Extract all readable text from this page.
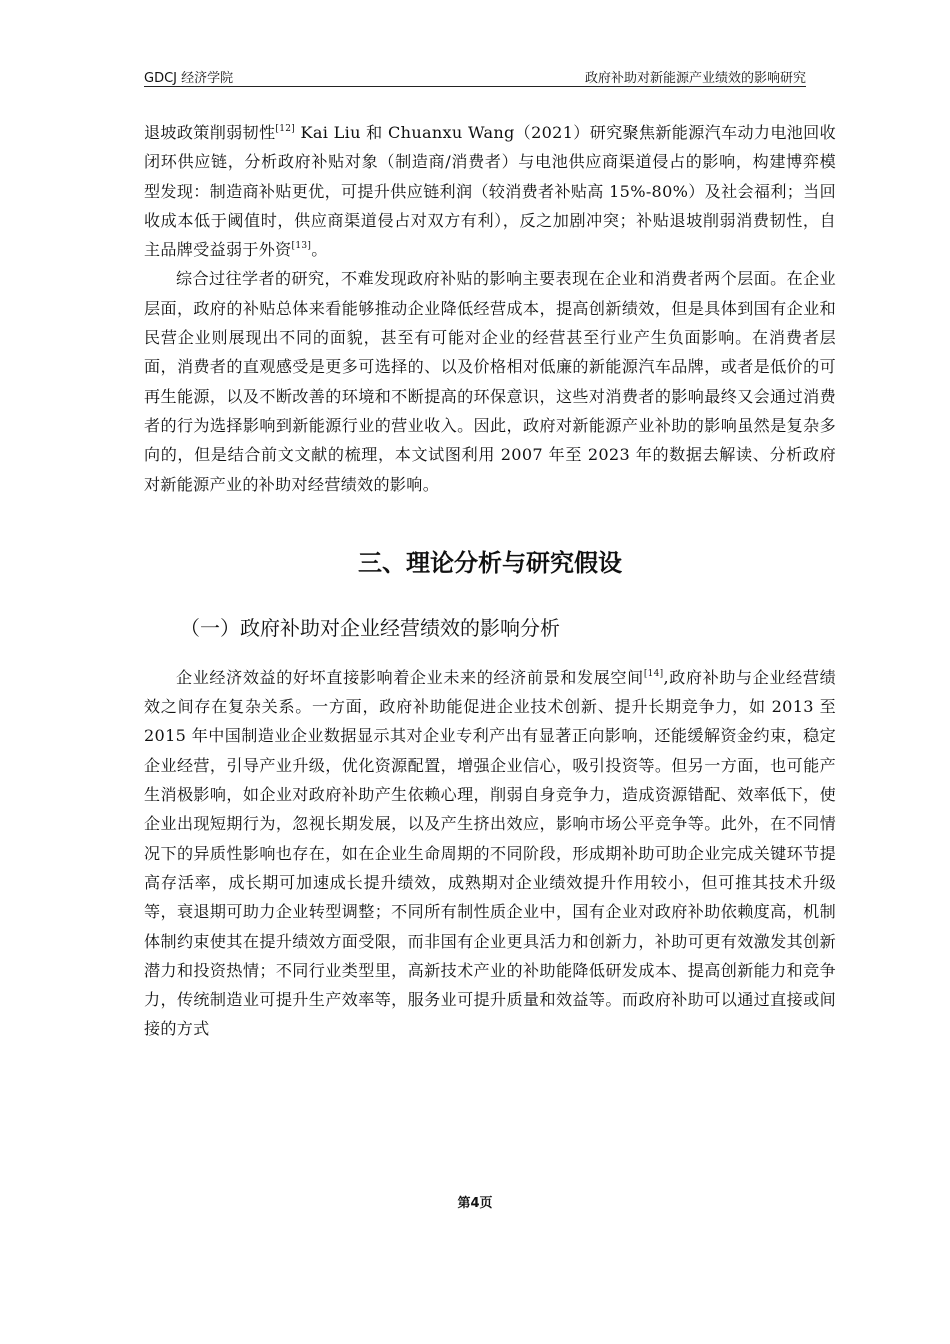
GDCJ 经济学院	政府补助对新能源产业绩效的影响研究

退坡政策削弱韧性[12] Kai Liu 和 Chuanxu Wang（2021）研究聚焦新能源汽车动力电池回收闭环供应链，分析政府补贴对象（制造商/消费者）与电池供应商渠道侵占的影响，构建博弈模型发现：制造商补贴更优，可提升供应链利润（较消费者补贴高 15%-80%）及社会福利；当回收成本低于阈值时，供应商渠道侵占对双方有利），反之加剧冲突；补贴退坡削弱消费韧性，自主品牌受益弱于外资[13]。

综合过往学者的研究，不难发现政府补贴的影响主要表现在企业和消费者两个层面。在企业层面，政府的补贴总体来看能够推动企业降低经营成本，提高创新绩效，但是具体到国有企业和民营企业则展现出不同的面貌，甚至有可能对企业的经营甚至行业产生负面影响。在消费者层面，消费者的直观感受是更多可选择的、以及价格相对低廉的新能源汽车品牌，或者是低价的可再生能源，以及不断改善的环境和不断提高的环保意识，这些对消费者的影响最终又会通过消费者的行为选择影响到新能源行业的营业收入。因此，政府对新能源产业补助的影响虽然是复杂多向的，但是结合前文文献的梳理，本文试图利用 2007 年至 2023 年的数据去解读、分析政府对新能源产业的补助对经营绩效的影响。

三、理论分析与研究假设
（一）政府补助对企业经营绩效的影响分析

企业经济效益的好坏直接影响着企业未来的经济前景和发展空间[14],政府补助与企业经营绩效之间存在复杂关系。一方面，政府补助能促进企业技术创新、提升长期竞争力，如 2013 至 2015 年中国制造业企业数据显示其对企业专利产出有显著正向影响，还能缓解资金约束，稳定企业经营，引导产业升级，优化资源配置，增强企业信心，吸引投资等。但另一方面，也可能产生消极影响，如企业对政府补助产生依赖心理，削弱自身竞争力，造成资源错配、效率低下，使企业出现短期行为，忽视长期发展，以及产生挤出效应，影响市场公平竞争等。此外，在不同情况下的异质性影响也存在，如在企业生命周期的不同阶段，形成期补助可助企业完成关键环节提高存活率，成长期可加速成长提升绩效，成熟期对企业绩效提升作用较小，但可推其技术升级等，衰退期可助力企业转型调整；不同所有制性质企业中，国有企业对政府补助依赖度高，机制体制约束使其在提升绩效方面受限，而非国有企业更具活力和创新力，补助可更有效激发其创新潜力和投资热情；不同行业类型里，高新技术产业的补助能降低研发成本、提高创新能力和竞争力，传统制造业可提升生产效率等，服务业可提升质量和效益等。而政府补助可以通过直接或间接的方式

第4页
